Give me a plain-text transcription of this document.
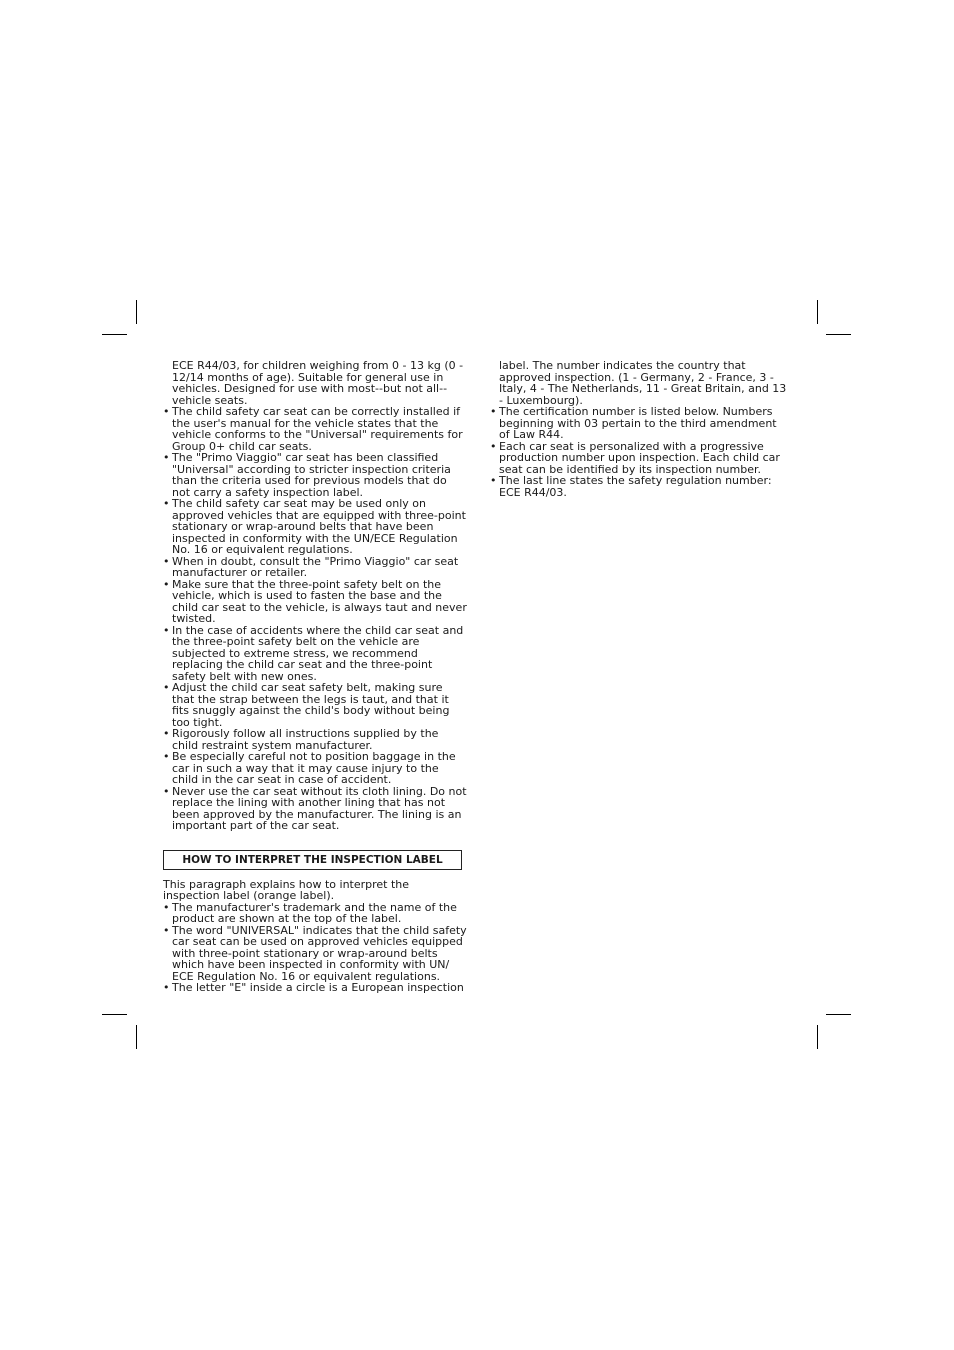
ECE R44/03, for children weighing from 0 - 13 kg (0 - 12/14 months of age). Suitable for general use in vehicles. Designed for use with most--but not all--vehicle seats.

• The child safety car seat can be correctly installed if the user's manual for the vehicle states that the vehicle conforms to the "Universal" requirements for Group 0+ child car seats.
• The "Primo Viaggio" car seat has been classified "Universal" according to stricter inspection criteria than the criteria used for previous models that do not carry a safety inspection label.
• The child safety car seat may be used only on approved vehicles that are equipped with three-point stationary or wrap-around belts that have been inspected in conformity with the UN/ECE Regulation No. 16 or equivalent regulations.
• When in doubt, consult the "Primo Viaggio" car seat manufacturer or retailer.
• Make sure that the three-point safety belt on the vehicle, which is used to fasten the base and the child car seat to the vehicle, is always taut and never twisted.
• In the case of accidents where the child car seat and the three-point safety belt on the vehicle are subjected to extreme stress, we recommend replacing the child car seat and the three-point safety belt with new ones.
• Adjust the child car seat safety belt, making sure that the strap between the legs is taut, and that it fits snuggly against the child's body without being too tight.
• Rigorously follow all instructions supplied by the child restraint system manufacturer.
• Be especially careful not to position baggage in the car in such a way that it may cause injury to the child in the car seat in case of accident.
• Never use the car seat without its cloth lining. Do not replace the lining with another lining that has not been approved by the manufacturer. The lining is an important part of the car seat.
HOW TO INTERPRET THE INSPECTION LABEL

This paragraph explains how to interpret the inspection label (orange label).

• The manufacturer's trademark and the name of the product are shown at the top of the label.
• The word "UNIVERSAL" indicates that the child safety car seat can be used on approved vehicles equipped with three-point stationary or wrap-around belts which have been inspected in conformity with UN/ ECE Regulation No. 16 or equivalent regulations.
• The letter "E" inside a circle is a European inspection

label. The number indicates the country that approved inspection. (1 - Germany, 2 - France, 3 - Italy, 4 - The Netherlands, 11 - Great Britain, and 13 - Luxembourg).

• The certification number is listed below. Numbers beginning with 03 pertain to the third amendment of Law R44.
• Each car seat is personalized with a progressive production number upon inspection. Each child car seat can be identified by its inspection number.
• The last line states the safety regulation number: ECE R44/03.
